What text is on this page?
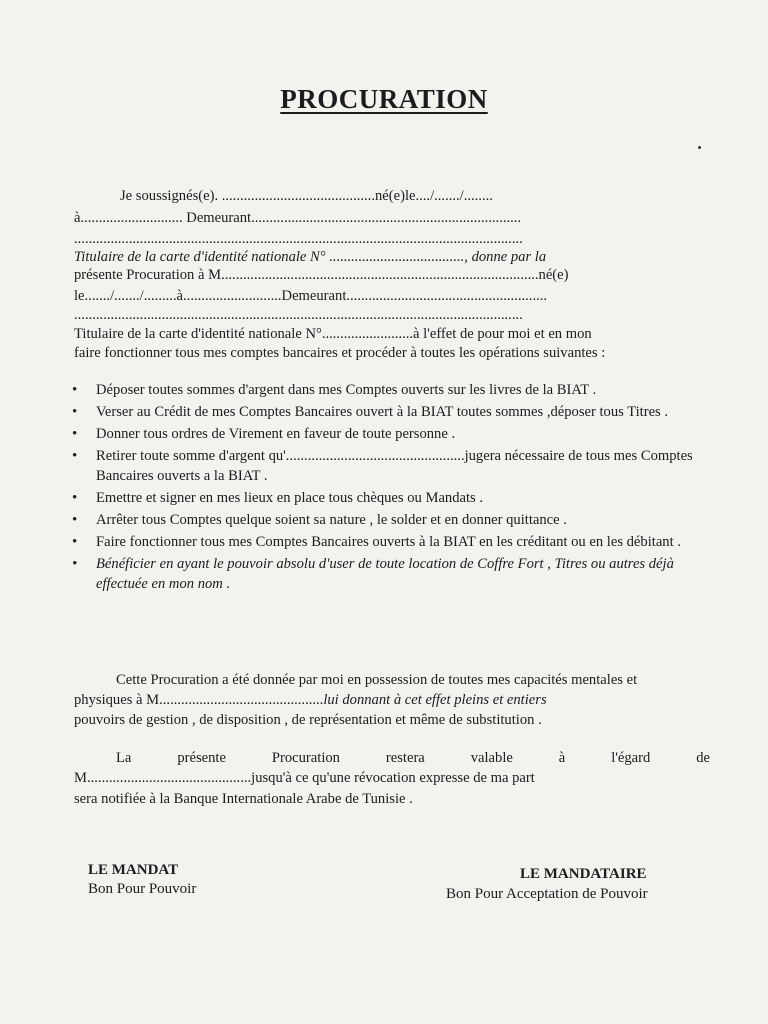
PROCURATION
Je soussignés(e). ..........................................né(e)le..../......./........
à............................ Demeurant..........................................................................
...........................................................................................................................
Titulaire de la carte d'identité nationale N° ....................................., donne par la
présente Procuration à M.......................................................................................né(e)
le......./......./.........à...........................Demeurant.......................................................
...........................................................................................................................
Titulaire de la carte d'identité nationale N°.........................à l'effet de pour moi et en mon
faire fonctionner tous mes comptes bancaires et procéder à toutes les opérations suivantes :
• Déposer toutes sommes d'argent dans mes Comptes ouverts sur les livres de la BIAT .
• Verser au Crédit de mes Comptes Bancaires ouvert à la BIAT toutes sommes ,déposer tous Titres .
• Donner tous ordres de Virement en faveur de toute personne .
• Retirer toute somme d'argent qu'.................................................jugera nécessaire de tous mes Comptes Bancaires ouverts a la BIAT .
• Emettre et signer en mes lieux en place tous chèques ou Mandats .
• Arrêter tous Comptes quelque soient sa nature , le solder et en donner quittance .
• Faire fonctionner tous mes Comptes Bancaires ouverts à la BIAT en les créditant ou en les débitant .
• Bénéficier en ayant le pouvoir absolu d'user de toute location de Coffre Fort , Titres ou autres déjà effectuée en mon nom .
Cette Procuration a été donnée par moi en possession de toutes mes capacités mentales et
physiques à M.............................................lui donnant à cet effet pleins et entiers
pouvoirs de gestion , de disposition , de représentation et même de substitution .
La présente Procuration restera valable à l'égard de
M.............................................jusqu'à ce qu'une révocation expresse de ma part
sera notifiée à la Banque Internationale Arabe de Tunisie .
LE MANDAT
Bon Pour Pouvoir
LE MANDATAIRE
Bon Pour Acceptation de Pouvoir
